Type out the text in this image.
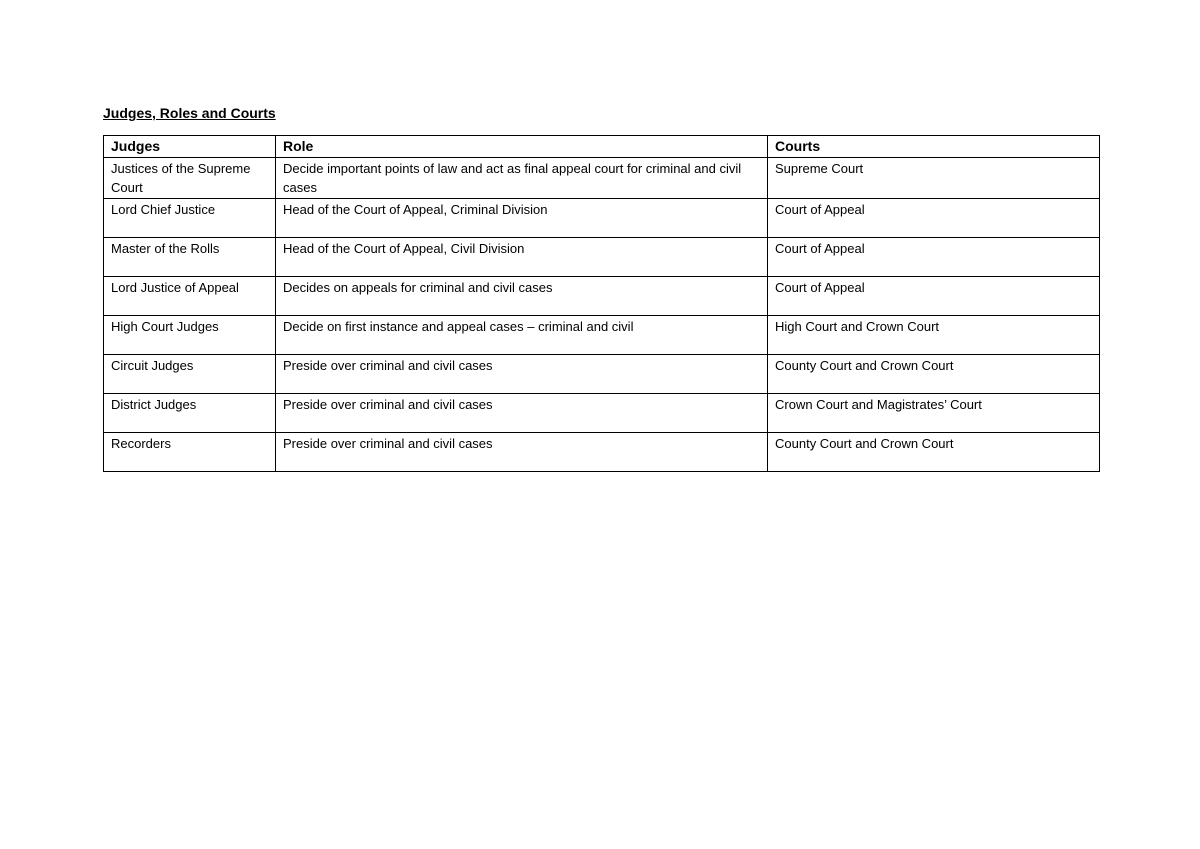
Judges, Roles and Courts
Judges	Role	Courts
Justices of the Supreme Court	Decide important points of law and act as final appeal court for criminal and civil cases	Supreme Court
Lord Chief Justice	Head of the Court of Appeal, Criminal Division	Court of Appeal
Master of the Rolls	Head of the Court of Appeal, Civil Division	Court of Appeal
Lord Justice of Appeal	Decides on appeals for criminal and civil cases	Court of Appeal
High Court Judges	Decide on first instance and appeal cases – criminal and civil	High Court and Crown Court
Circuit Judges	Preside over criminal and civil cases	County Court and Crown Court
District Judges	Preside over criminal and civil cases	Crown Court and Magistrates’ Court
Recorders	Preside over criminal and civil cases	County Court and Crown Court
